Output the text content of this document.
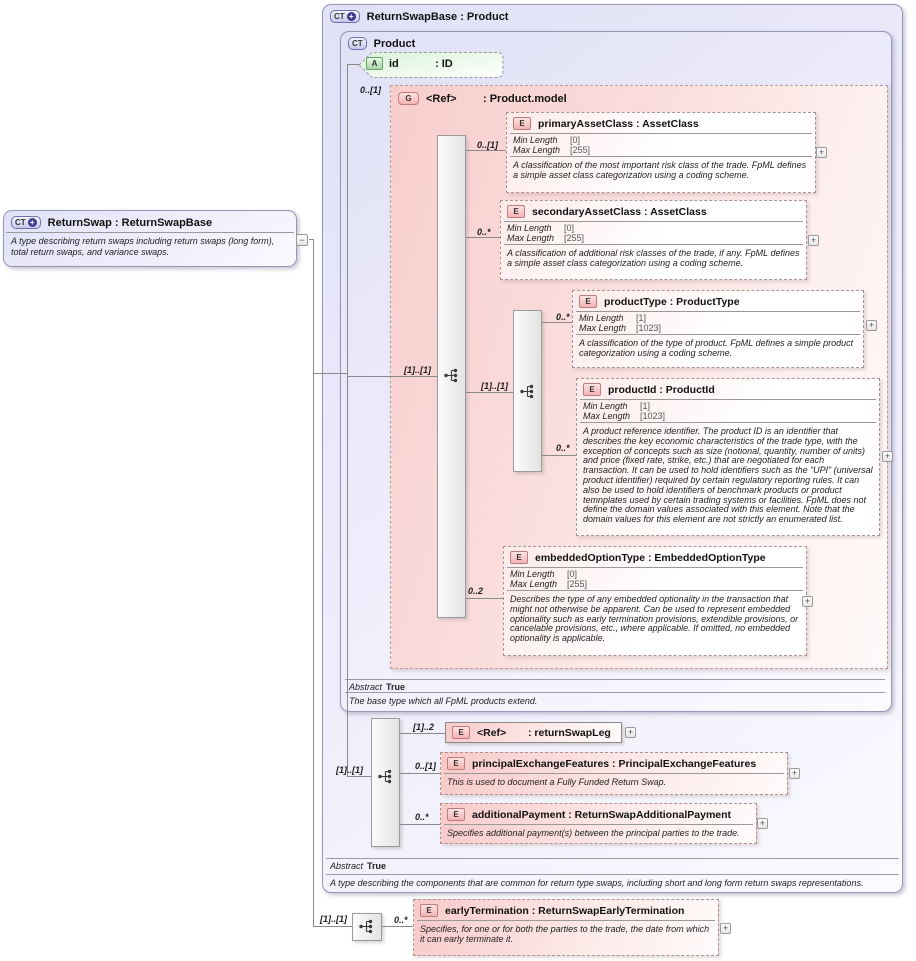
CT + ReturnSwapBase : Product
Abstract True
A type describing the components that are common for return type swaps, including short and long form return swaps representations.
CT	Product
Abstract True
The base type which all FpML products extend.
G	<Ref>	: Product.model
A	id	: ID
0..[1]
[1]..[1]
0..[1]
0..*
[1]..[1]
0..*
0..*
0..2
[1]..[1]
[1]..2
0..[1]
0..*
[1]..[1]	0..*
E	primaryAssetClass : AssetClass
Min Length	[0]
Max Length	[255]
A classification of the most important risk class of the trade. FpML defines a simple asset class categorization using a coding scheme.
E	secondaryAssetClass : AssetClass
Min Length	[0]
Max Length	[255]
A classification of additional risk classes of the trade, if any. FpML defines a simple asset class categorization using a coding scheme.
E	productType : ProductType
Min Length	[1]
Max Length	[1023]
A classification of the type of product. FpML defines a simple product categorization using a coding scheme.
E	productId : ProductId
Min Length	[1]
Max Length	[1023]
A product reference identifier. The product ID is an identifier that describes the key economic characteristics of the trade type, with the exception of concepts such as size (notional, quantity, number of units) and price (fixed rate, strike, etc.) that are negotiated for each transaction. It can be used to hold identifiers such as the “UPI” (universal product identifier) required by certain regulatory reporting rules. It can also be used to hold identifiers of benchmark products or product temnplates used by certain trading systems or facilities. FpML does not define the domain values associated with this element. Note that the domain values for this element are not strictly an enumerated list.
E	embeddedOptionType : EmbeddedOptionType
Min Length	[0]
Max Length	[255]
Describes the type of any embedded optionality in the transaction that might not otherwise be apparent. Can be used to represent embedded optionality such as early termination provisions, extendible provisions, or cancelable provisions, etc., where applicable. If omitted, no embedded optionality is applicable.
E	<Ref>	: returnSwapLeg
E	principalExchangeFeatures : PrincipalExchangeFeatures
This is used to document a Fully Funded Return Swap.
E	additionalPayment : ReturnSwapAdditionalPayment
Specifies additional payment(s) between the principal parties to the trade.
E	earlyTermination : ReturnSwapEarlyTermination
Specifies, for one or for both the parties to the trade, the date from which it can early terminate it.
+
+
+
+
+
+
+
+
+
CT + ReturnSwap : ReturnSwapBase
A type describing return swaps including return swaps (long form), total return swaps, and variance swaps.
−
